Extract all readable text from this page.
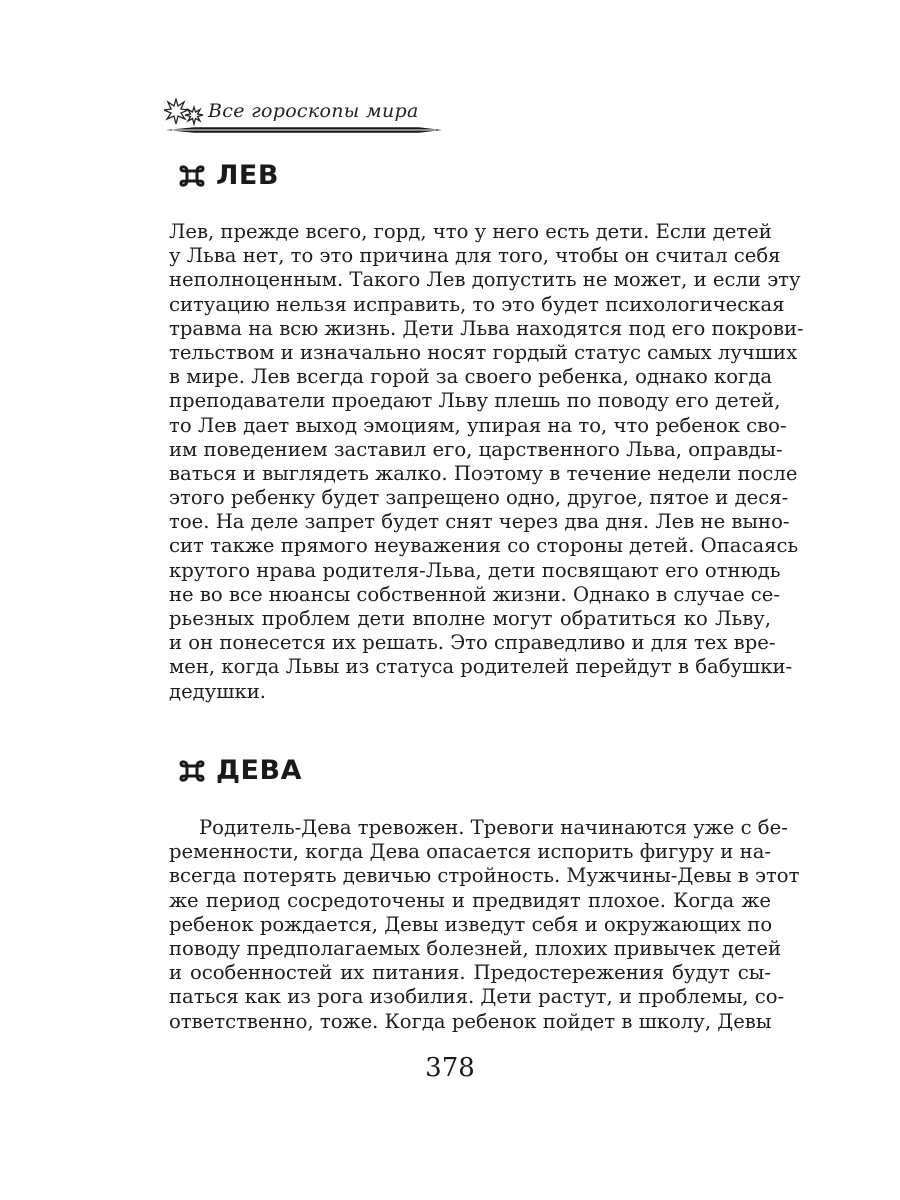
Все гороскопы мира
ЛЕВ
Лев, прежде всего, горд, что у него есть дети. Если детей
у Льва нет, то это причина для того, чтобы он считал себя
неполноценным. Такого Лев допустить не может, и если эту
ситуацию нельзя исправить, то это будет психологическая
травма на всю жизнь. Дети Льва находятся под его покрови-
тельством и изначально носят гордый статус самых лучших
в мире. Лев всегда горой за своего ребенка, однако когда
преподаватели проедают Льву плешь по поводу его детей,
то Лев дает выход эмоциям, упирая на то, что ребенок сво-
им поведением заставил его, царственного Льва, оправды-
ваться и выглядеть жалко. Поэтому в течение недели после
этого ребенку будет запрещено одно, другое, пятое и деся-
тое. На деле запрет будет снят через два дня. Лев не выно-
сит также прямого неуважения со стороны детей. Опасаясь
крутого нрава родителя-Льва, дети посвящают его отнюдь
не во все нюансы собственной жизни. Однако в случае се-
рьезных проблем дети вполне могут обратиться ко Льву,
и он понесется их решать. Это справедливо и для тех вре-
мен, когда Львы из статуса родителей перейдут в бабушки-
дедушки.
ДЕВА
Родитель-Дева тревожен. Тревоги начинаются уже с бе-
ременности, когда Дева опасается испорить фигуру и на-
всегда потерять девичью стройность. Мужчины-Девы в этот
же период сосредоточены и предвидят плохое. Когда же
ребенок рождается, Девы изведут себя и окружающих по
поводу предполагаемых болезней, плохих привычек детей
и особенностей их питания. Предостережения будут сы-
паться как из рога изобилия. Дети растут, и проблемы, со-
ответственно, тоже. Когда ребенок пойдет в школу, Девы
378
